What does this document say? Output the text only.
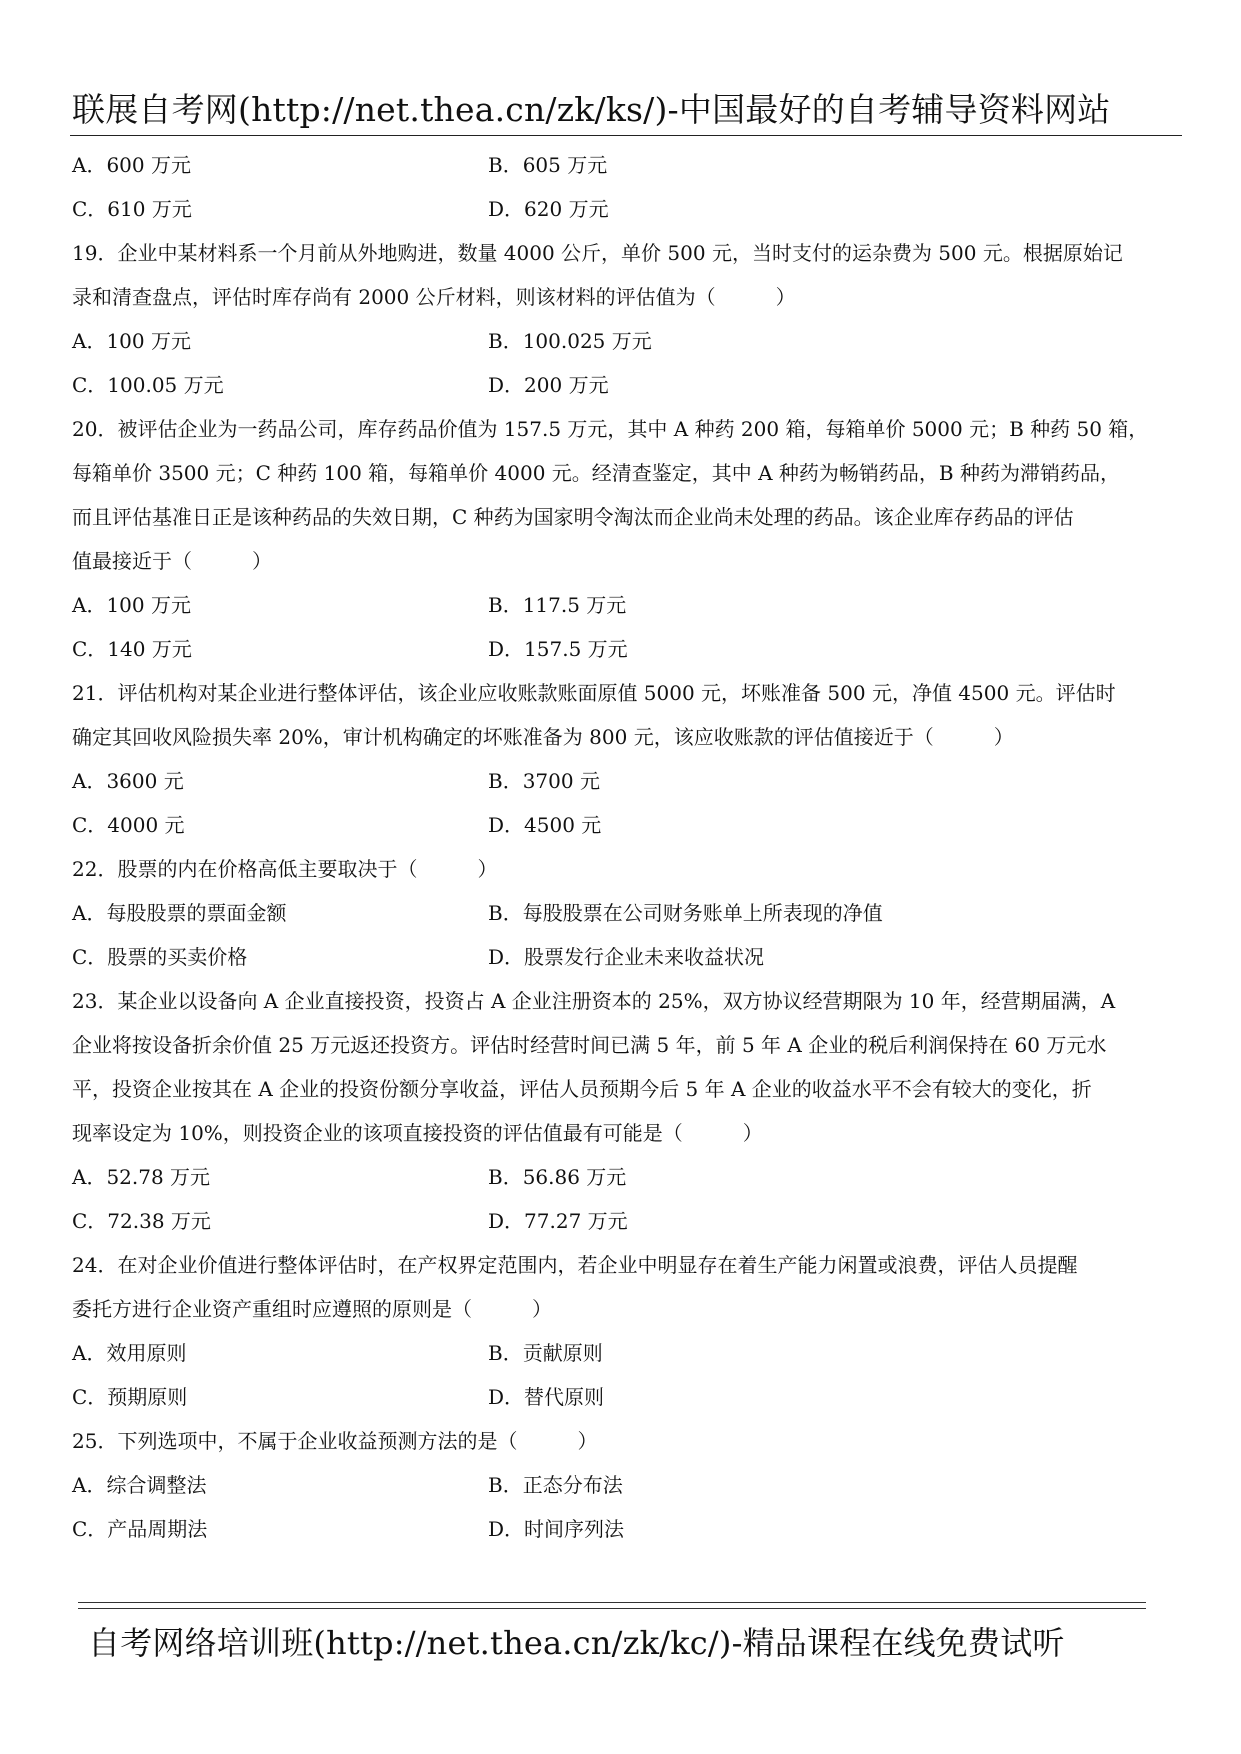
联展自考网(http://net.thea.cn/zk/ks/)-中国最好的自考辅导资料网站
A．600 万元	B．605 万元
C．610 万元	D．620 万元
19．企业中某材料系一个月前从外地购进，数量 4000 公斤，单价 500 元，当时支付的运杂费为 500 元。根据原始记
录和清查盘点，评估时库存尚有 2000 公斤材料，则该材料的评估值为（　　　）
A．100 万元	B．100.025 万元
C．100.05 万元	D．200 万元
20．被评估企业为一药品公司，库存药品价值为 157.5 万元，其中 A 种药 200 箱，每箱单价 5000 元；B 种药 50 箱，
每箱单价 3500 元；C 种药 100 箱，每箱单价 4000 元。经清查鉴定，其中 A 种药为畅销药品，B 种药为滞销药品，
而且评估基准日正是该种药品的失效日期，C 种药为国家明令淘汰而企业尚未处理的药品。该企业库存药品的评估
值最接近于（　　　）
A．100 万元	B．117.5 万元
C．140 万元	D．157.5 万元
21．评估机构对某企业进行整体评估，该企业应收账款账面原值 5000 元，坏账准备 500 元，净值 4500 元。评估时
确定其回收风险损失率 20%，审计机构确定的坏账准备为 800 元，该应收账款的评估值接近于（　　　）
A．3600 元	B．3700 元
C．4000 元	D．4500 元
22．股票的内在价格高低主要取决于（　　　）
A．每股股票的票面金额	B．每股股票在公司财务账单上所表现的净值
C．股票的买卖价格	D．股票发行企业未来收益状况
23．某企业以设备向 A 企业直接投资，投资占 A 企业注册资本的 25%，双方协议经营期限为 10 年，经营期届满，A
企业将按设备折余价值 25 万元返还投资方。评估时经营时间已满 5 年，前 5 年 A 企业的税后利润保持在 60 万元水
平，投资企业按其在 A 企业的投资份额分享收益，评估人员预期今后 5 年 A 企业的收益水平不会有较大的变化，折
现率设定为 10%，则投资企业的该项直接投资的评估值最有可能是（　　　）
A．52.78 万元	B．56.86 万元
C．72.38 万元	D．77.27 万元
24．在对企业价值进行整体评估时，在产权界定范围内，若企业中明显存在着生产能力闲置或浪费，评估人员提醒
委托方进行企业资产重组时应遵照的原则是（　　　）
A．效用原则	B．贡献原则
C．预期原则	D．替代原则
25．下列选项中，不属于企业收益预测方法的是（　　　）
A．综合调整法	B．正态分布法
C．产品周期法	D．时间序列法
自考网络培训班(http://net.thea.cn/zk/kc/)-精品课程在线免费试听
